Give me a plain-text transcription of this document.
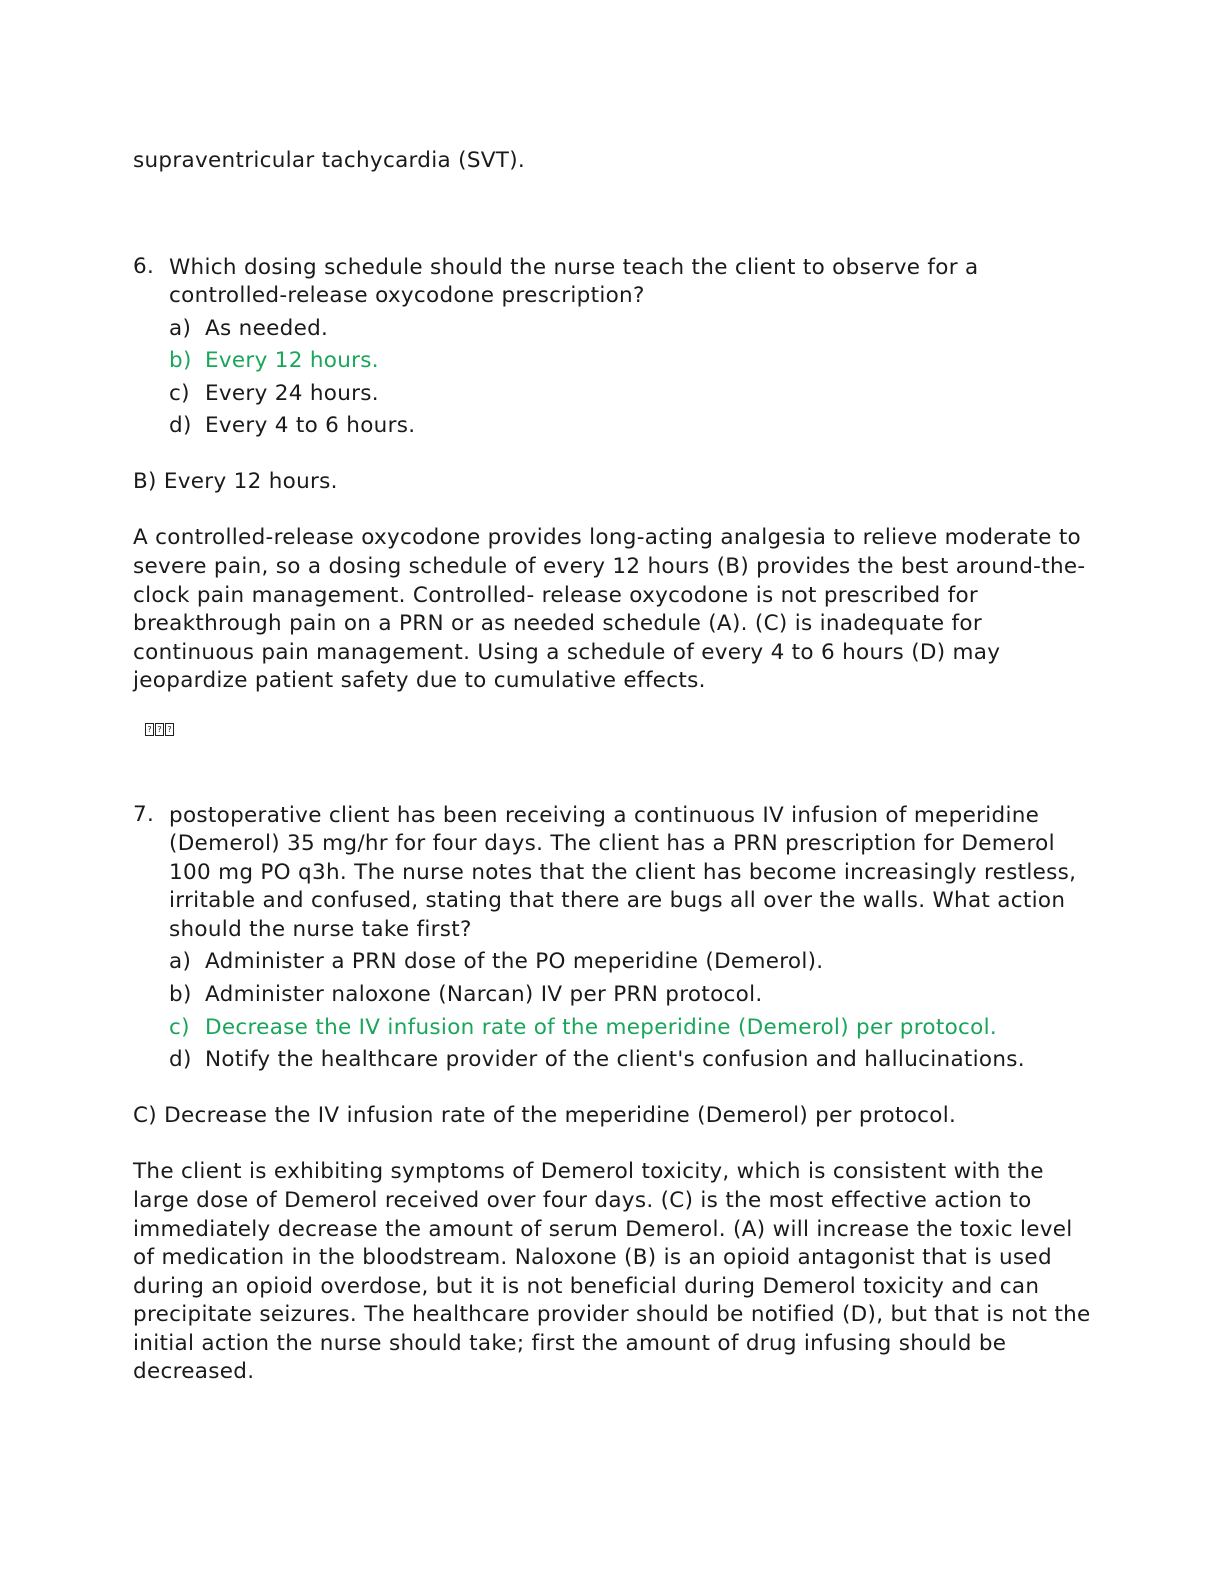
supraventricular tachycardia (SVT).

6. Which dosing schedule should the nurse teach the client to observe for a controlled-release oxycodone prescription?

a) As needed.
b) Every 12 hours.
c) Every 24 hours.
d) Every 4 to 6 hours.

B) Every 12 hours.

A controlled-release oxycodone provides long-acting analgesia to relieve moderate to severe pain, so a dosing schedule of every 12 hours (B) provides the best around-the-clock pain management. Controlled- release oxycodone is not prescribed for breakthrough pain on a PRN or as needed schedule (A). (C) is inadequate for continuous pain management. Using a schedule of every 4 to 6 hours (D) may jeopardize patient safety due to cumulative effects.

? ? ?
7. postoperative client has been receiving a continuous IV infusion of meperidine (Demerol) 35 mg/hr for four days. The client has a PRN prescription for Demerol 100 mg PO q3h. The nurse notes that the client has become increasingly restless, irritable and confused, stating that there are bugs all over the walls. What action should the nurse take first?

a) Administer a PRN dose of the PO meperidine (Demerol).
b) Administer naloxone (Narcan) IV per PRN protocol.
c) Decrease the IV infusion rate of the meperidine (Demerol) per protocol.
d) Notify the healthcare provider of the client's confusion and hallucinations.

C) Decrease the IV infusion rate of the meperidine (Demerol) per protocol.

The client is exhibiting symptoms of Demerol toxicity, which is consistent with the large dose of Demerol received over four days. (C) is the most effective action to immediately decrease the amount of serum Demerol. (A) will increase the toxic level of medication in the bloodstream. Naloxone (B) is an opioid antagonist that is used during an opioid overdose, but it is not beneficial during Demerol toxicity and can precipitate seizures. The healthcare provider should be notified (D), but that is not the initial action the nurse should take; first the amount of drug infusing should be decreased.
